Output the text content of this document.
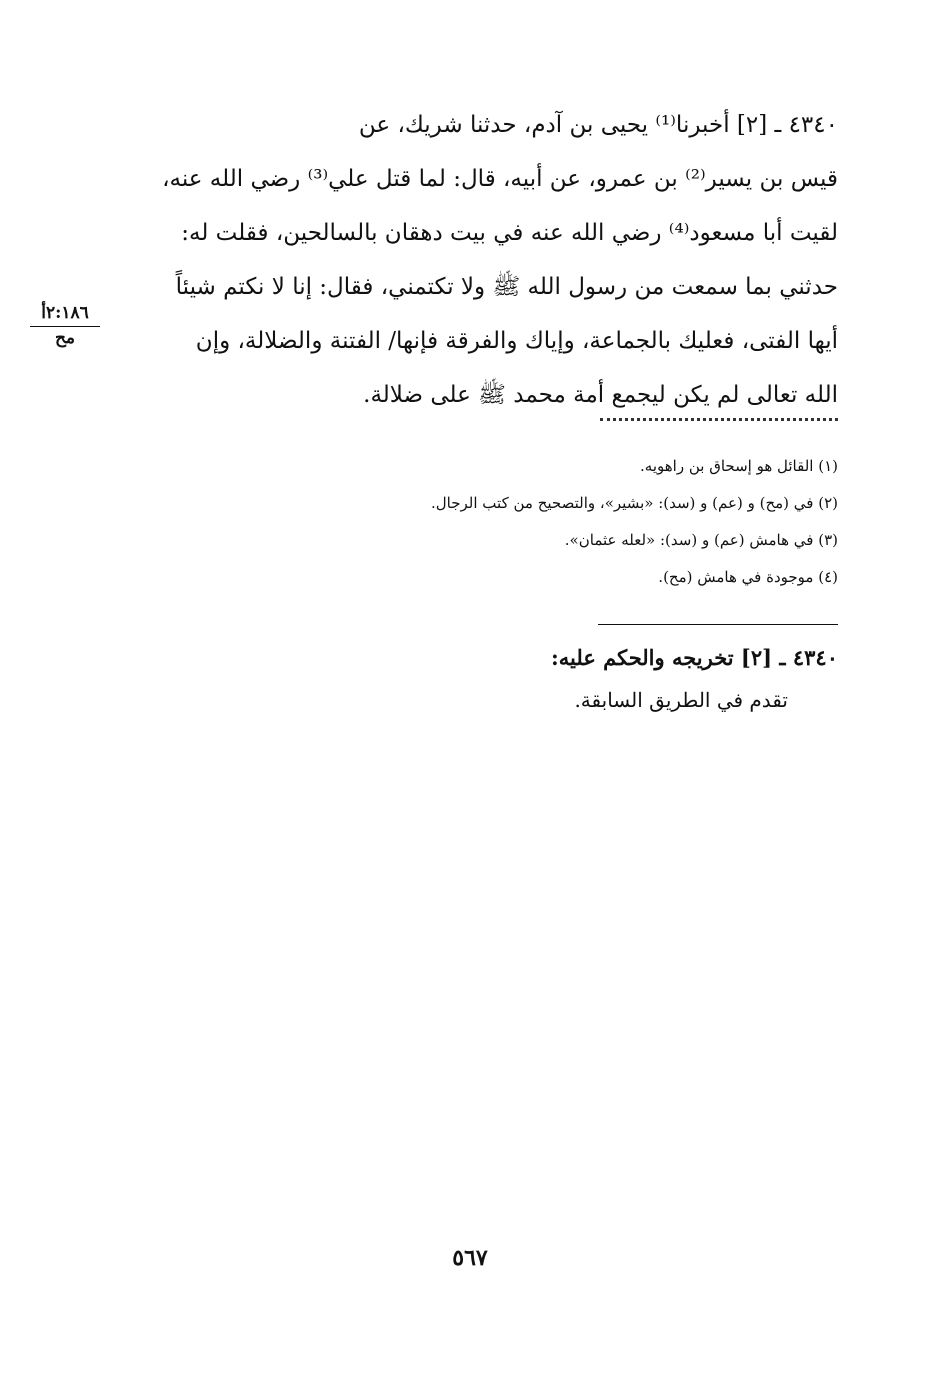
٤٣٤٠ ـ [٢] أخبرنا⁽¹⁾ يحيى بن آدم، حدثنا شريك، عن
قيس بن يسير⁽²⁾ بن عمرو، عن أبيه، قال: لما قتل علي⁽³⁾ رضي الله عنه،
لقيت أبا مسعود⁽⁴⁾ رضي الله عنه في بيت دهقان بالسالحين، فقلت له:
حدثني بما سمعت من رسول الله ﷺ ولا تكتمني، فقال: إنا لا نكتم شيئاً
أيها الفتى، فعليك بالجماعة، وإياك والفرقة فإنها/ الفتنة والضلالة، وإن
الله تعالى لم يكن ليجمع أمة محمد ﷺ على ضلالة.
٢:١٨٦أ
مح
(١) القائل هو إسحاق بن راهويه.
(٢) في (مح) و (عم) و (سد): «بشير»، والتصحيح من كتب الرجال.
(٣) في هامش (عم) و (سد): «لعله عثمان».
(٤) موجودة في هامش (مح).
٤٣٤٠ ـ [٢] تخريجه والحكم عليه:
تقدم في الطريق السابقة.
٥٦٧
